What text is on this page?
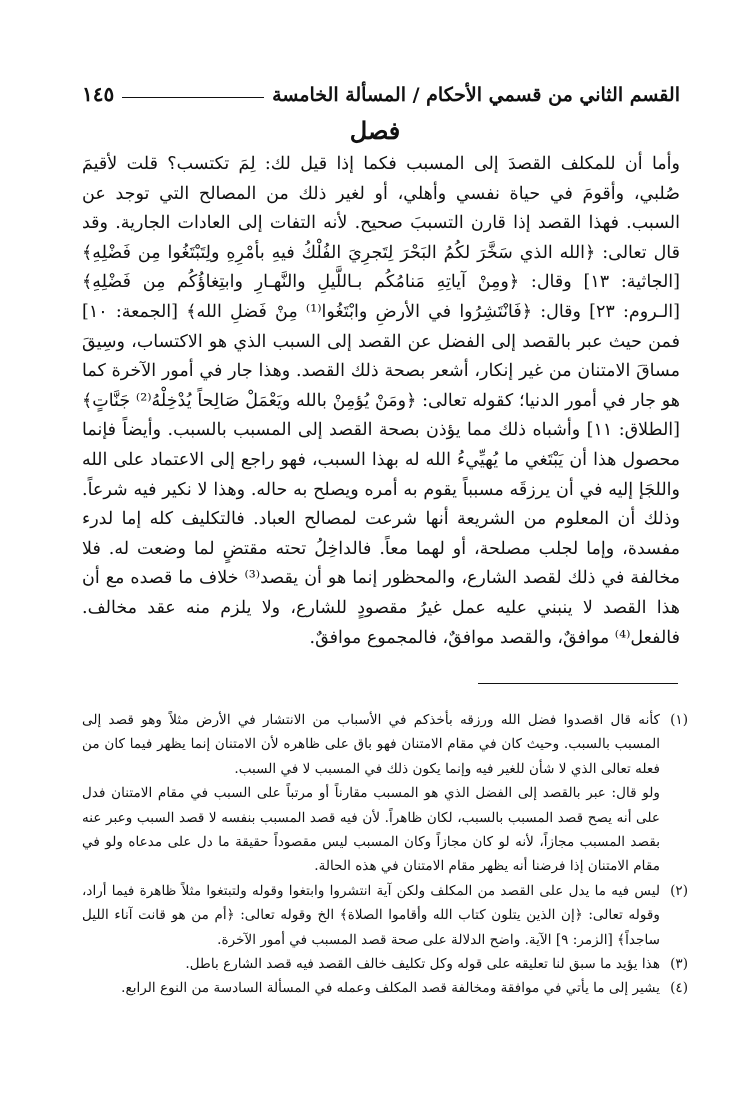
القسم الثاني من قسمي الأحكام / المسألة الخامسة
١٤٥
فصل

وأما أن للمكلف القصدَ إلى المسبب فكما إذا قيل لك: لِمَ تكتسب؟ قلت لأقيمَ صُلبي، وأقومَ في حياة نفسي وأهلي، أو لغير ذلك من المصالح التي توجد عن السبب. فهذا القصد إذا قارن التسببَ صحيح. لأنه التفات إلى العادات الجارية. وقد قال تعالى: ﴿الله الذي سَخَّرَ لكُمُ البَحْرَ لِتَجرِيَ الفُلْكُ فيهِ بأمْرِهِ ولِتَبْتَغُوا مِن فَضْلِهِ﴾ [الجاثية: ١٣] وقال: ﴿ومِنْ آياتِهِ مَنامُكُم بـاللَّيلِ والنَّهـارِ وابتِغاؤُكُم مِن فَضْلِهِ﴾ [الـروم: ٢٣] وقال: ﴿فَانْتَشِرُوا في الأرضِ وابْتَغُوا⁽¹⁾ مِنْ فَضلِ الله﴾ [الجمعة: ١٠] فمن حيث عبر بالقصد إلى الفضل عن القصد إلى السبب الذي هو الاكتساب، وسِيقَ مساقَ الامتنان من غير إنكار، أشعر بصحة ذلك القصد. وهذا جار في أمور الآخرة كما هو جار في أمور الدنيا؛ كقوله تعالى: ﴿ومَنْ يُؤمِنْ بالله ويَعْمَلْ صَالِحاً يُدْخِلْهُ⁽²⁾ جَنَّاتٍ﴾ [الطلاق: ١١] وأشباه ذلك مما يؤذن بصحة القصد إلى المسبب بالسبب. وأيضاً فإنما محصول هذا أن يَبْتَغي ما يُهيِّيءُ الله له بهذا السبب، فهو راجع إلى الاعتماد على الله واللجَإ إليه في أن يرزقَه مسبباً يقوم به أمره ويصلح به حاله. وهذا لا نكير فيه شرعاً. وذلك أن المعلوم من الشريعة أنها شرعت لمصالح العباد. فالتكليف كله إما لدرء مفسدة، وإما لجلب مصلحة، أو لهما معاً. فالداخِلُ تحته مقتضٍ لما وضعت له. فلا مخالفة في ذلك لقصد الشارع، والمحظور إنما هو أن يقصد⁽³⁾ خلاف ما قصده مع أن هذا القصد لا ينبني عليه عمل غيرُ مقصودٍ للشارع، ولا يلزم منه عقد مخالف. فالفعل⁽⁴⁾ موافقٌ، والقصد موافقٌ، فالمجموع موافقٌ.

(١)
كأنه قال اقصدوا فضل الله ورزقه بأخذكم في الأسباب من الانتشار في الأرض مثلاً وهو قصد إلى المسبب بالسبب. وحيث كان في مقام الامتنان فهو باق على ظاهره لأن الامتنان إنما يظهر فيما كان من فعله تعالى الذي لا شأن للغير فيه وإنما يكون ذلك في المسبب لا في السبب.

ولو قال: عبر بالقصد إلى الفضل الذي هو المسبب مقارناً أو مرتباً على السبب في مقام الامتنان فدل على أنه يصح قصد المسبب بالسبب، لكان ظاهراً. لأن فيه قصد المسبب بنفسه لا قصد السبب وعبر عنه بقصد المسبب مجازاً، لأنه لو كان مجازاً وكان المسبب ليس مقصوداً حقيقة ما دل على مدعاه ولو في مقام الامتنان إذا فرضنا أنه يظهر مقام الامتنان في هذه الحالة.

(٢)
ليس فيه ما يدل على القصد من المكلف ولكن آية انتشروا وابتغوا وقوله ولتبتغوا مثلاً ظاهرة فيما أراد، وقوله تعالى: ﴿إن الذين يتلون كتاب الله وأقاموا الصلاة﴾ الخ وقوله تعالى: ﴿أم من هو قانت آناء الليل ساجداً﴾ [الزمر: ٩] الآية. واضح الدلالة على صحة قصد المسبب في أمور الآخرة.
(٣)
هذا يؤيد ما سبق لنا تعليقه على قوله وكل تكليف خالف القصد فيه قصد الشارع باطل.
(٤)
يشير إلى ما يأتي في موافقة ومخالفة قصد المكلف وعمله في المسألة السادسة من النوع الرابع.
